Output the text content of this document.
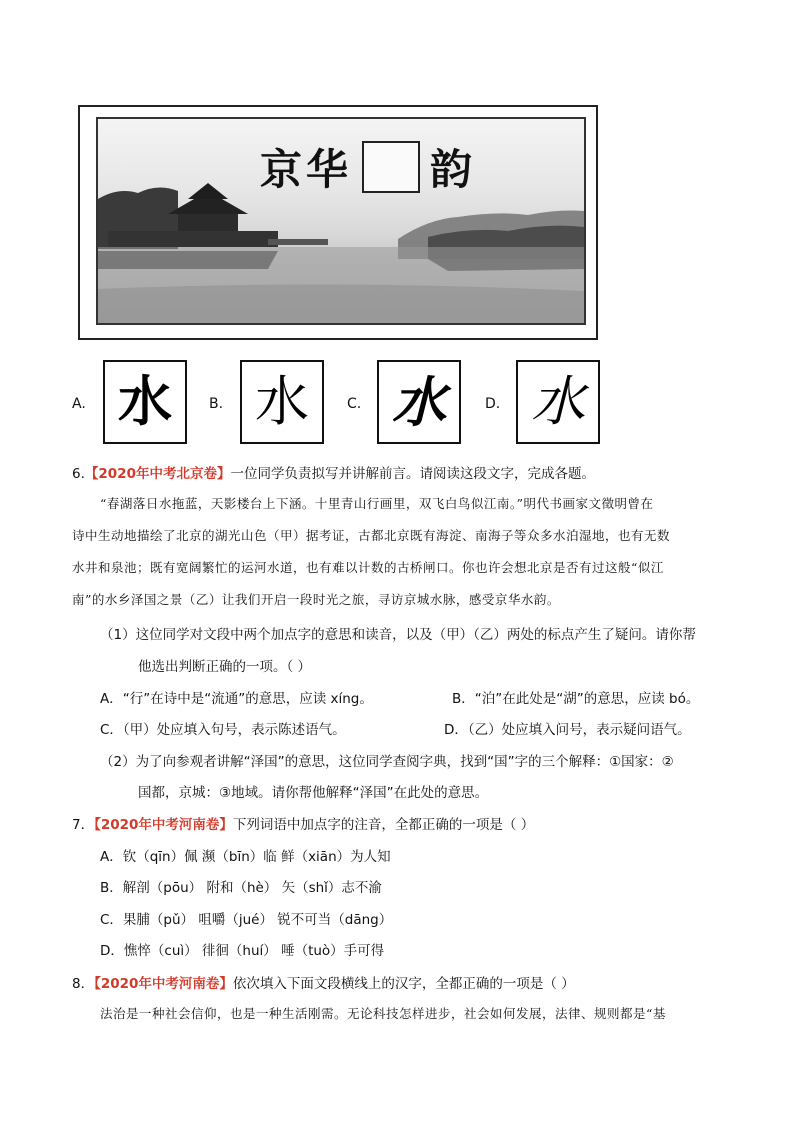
京华 韵
A. 水	B. 水	C. 水	D. 水
6.【2020年中考北京卷】一位同学负责拟写并讲解前言。请阅读这段文字，完成各题。
“春湖落日水拖蓝，天影楼台上下涵。十里青山行画里，双飞白鸟似江南。”明代书画家文徵明曾在
诗中生动地描绘了北京的湖光山色（甲）据考证，古都北京既有海淀、南海子等众多水泊湿地，也有无数
水井和泉池；既有宽阔繁忙的运河水道，也有难以计数的古桥闸口。你也许会想北京是否有过这般“似江
南”的水乡泽国之景（乙）让我们开启一段时光之旅，寻访京城水脉，感受京华水韵。
（1）这位同学对文段中两个加点字的意思和读音，以及（甲）（乙）两处的标点产生了疑问。请你帮
他选出判断正确的一项。（ ）
A．“行”在诗中是“流通”的意思，应读 xíng。	B．“泊”在此处是“湖”的意思，应读 bó。
C．（甲）处应填入句号，表示陈述语气。	D．（乙）处应填入问号，表示疑问语气。
（2）为了向参观者讲解“泽国”的意思，这位同学查阅字典，找到“国”字的三个解释：①国家：②
国都，京城：③地域。请你帮他解释“泽国”在此处的意思。
7．【2020年中考河南卷】下列词语中加点字的注音，全都正确的一项是（ ）
A．钦（qīn）佩 濒（bīn）临 鲜（xiān）为人知
B．解剖（pōu） 附和（hè） 矢（shǐ）志不渝
C．果脯（pǔ） 咀嚼（jué） 锐不可当（dāng）
D．憔悴（cuì） 徘徊（huí） 唾（tuò）手可得
8．【2020年中考河南卷】依次填入下面文段横线上的汉字，全都正确的一项是（ ）
法治是一种社会信仰，也是一种生活刚需。无论科技怎样进步，社会如何发展，法律、规则都是“基
